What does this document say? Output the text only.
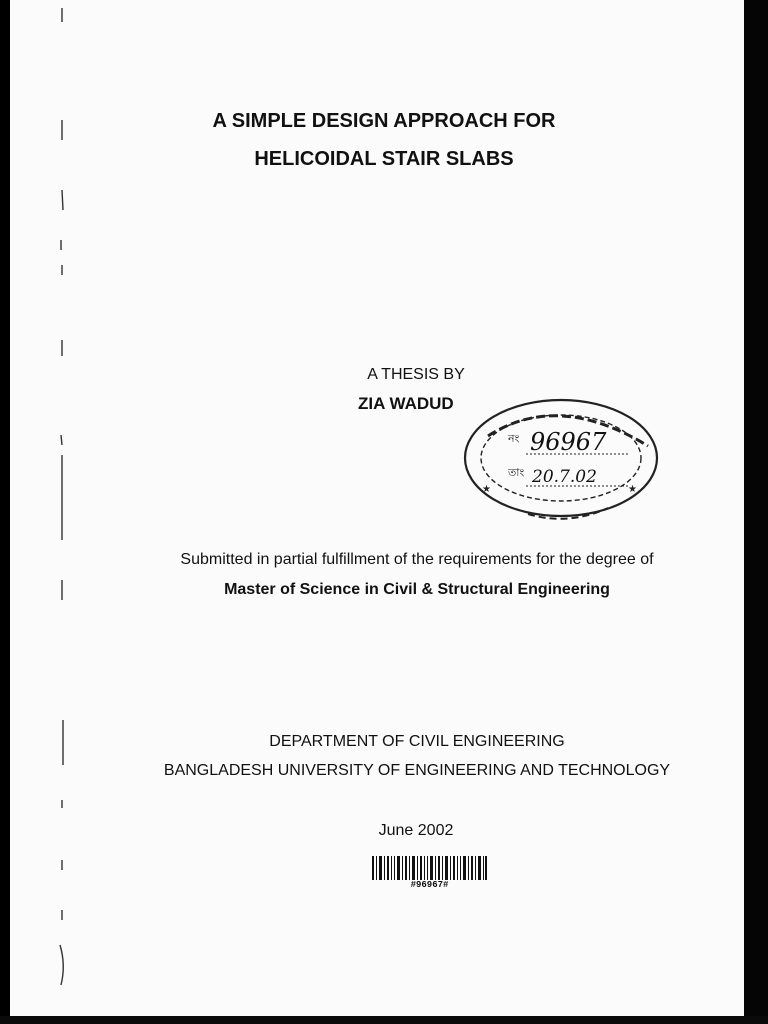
A SIMPLE DESIGN APPROACH FOR
HELICOIDAL STAIR SLABS
A THESIS BY
ZIA WADUD
নং
তাং
96967
20.7.02
★	★
Submitted in partial fulfillment of the requirements for the degree of
Master of Science in Civil & Structural Engineering
DEPARTMENT OF CIVIL ENGINEERING
BANGLADESH UNIVERSITY OF ENGINEERING AND TECHNOLOGY
June 2002
#96967#
